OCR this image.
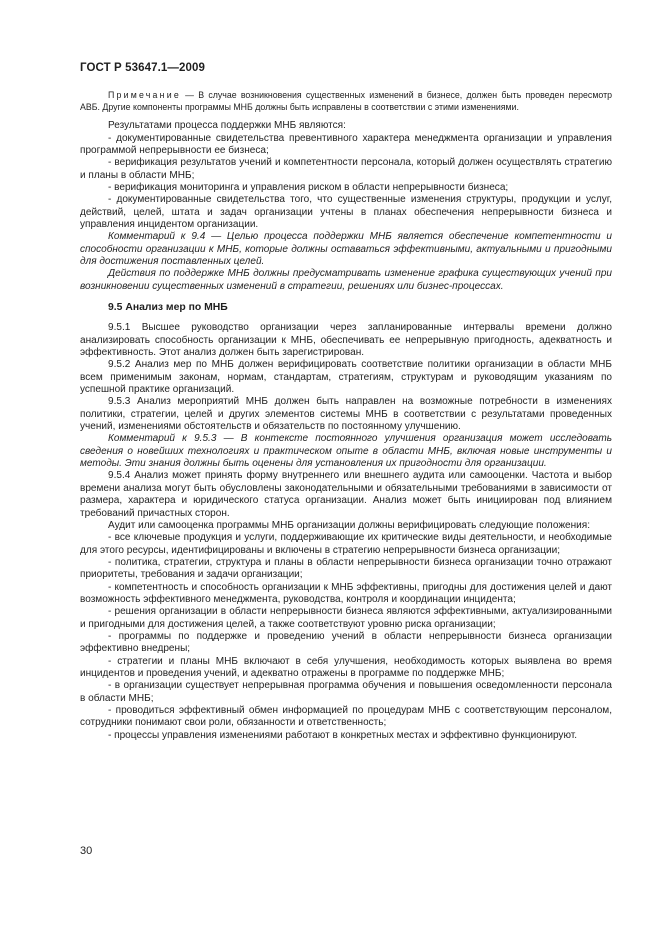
ГОСТ Р 53647.1—2009

Примечание — В случае возникновения существенных изменений в бизнесе, должен быть проведен пересмотр АВБ. Другие компоненты программы МНБ должны быть исправлены в соответствии с этими изменениями.

Результатами процесса поддержки МНБ являются:

- документированные свидетельства превентивного характера менеджмента организации и управления программой непрерывности ее бизнеса;

- верификация результатов учений и компетентности персонала, который должен осуществлять стратегию и планы в области МНБ;

- верификация мониторинга и управления риском в области непрерывности бизнеса;

- документированные свидетельства того, что существенные изменения структуры, продукции и услуг, действий, целей, штата и задач организации учтены в планах обеспечения непрерывности бизнеса и управления инцидентом организации.

Комментарий к 9.4 — Целью процесса поддержки МНБ является обеспечение компетентности и способности организации к МНБ, которые должны оставаться эффективными, актуальными и пригодными для достижения поставленных целей.

Действия по поддержке МНБ должны предусматривать изменение графика существующих учений при возникновении существенных изменений в стратегии, решениях или бизнес-процессах.

9.5 Анализ мер по МНБ

9.5.1 Высшее руководство организации через запланированные интервалы времени должно анализировать способность организации к МНБ, обеспечивать ее непрерывную пригодность, адекватность и эффективность. Этот анализ должен быть зарегистрирован.

9.5.2 Анализ мер по МНБ должен верифицировать соответствие политики организации в области МНБ всем применимым законам, нормам, стандартам, стратегиям, структурам и руководящим указаниям по успешной практике организаций.

9.5.3 Анализ мероприятий МНБ должен быть направлен на возможные потребности в изменениях политики, стратегии, целей и других элементов системы МНБ в соответствии с результатами проведенных учений, изменениями обстоятельств и обязательств по постоянному улучшению.

Комментарий к 9.5.3 — В контексте постоянного улучшения организация может исследовать сведения о новейших технологиях и практическом опыте в области МНБ, включая новые инструменты и методы. Эти знания должны быть оценены для установления их пригодности для организации.

9.5.4 Анализ может принять форму внутреннего или внешнего аудита или самооценки. Частота и выбор времени анализа могут быть обусловлены законодательными и обязательными требованиями в зависимости от размера, характера и юридического статуса организации. Анализ может быть инициирован под влиянием требований причастных сторон.

Аудит или самооценка программы МНБ организации должны верифицировать следующие положения:

- все ключевые продукция и услуги, поддерживающие их критические виды деятельности, и необходимые для этого ресурсы, идентифицированы и включены в стратегию непрерывности бизнеса организации;

- политика, стратегии, структура и планы в области непрерывности бизнеса организации точно отражают приоритеты, требования и задачи организации;

- компетентность и способность организации к МНБ эффективны, пригодны для достижения целей и дают возможность эффективного менеджмента, руководства, контроля и координации инцидента;

- решения организации в области непрерывности бизнеса являются эффективными, актуализированными и пригодными для достижения целей, а также соответствуют уровню риска организации;

- программы по поддержке и проведению учений в области непрерывности бизнеса организации эффективно внедрены;

- стратегии и планы МНБ включают в себя улучшения, необходимость которых выявлена во время инцидентов и проведения учений, и адекватно отражены в программе по поддержке МНБ;

- в организации существует непрерывная программа обучения и повышения осведомленности персонала в области МНБ;

- проводиться эффективный обмен информацией по процедурам МНБ с соответствующим персоналом, сотрудники понимают свои роли, обязанности и ответственность;

- процессы управления изменениями работают в конкретных местах и эффективно функционируют.

30
